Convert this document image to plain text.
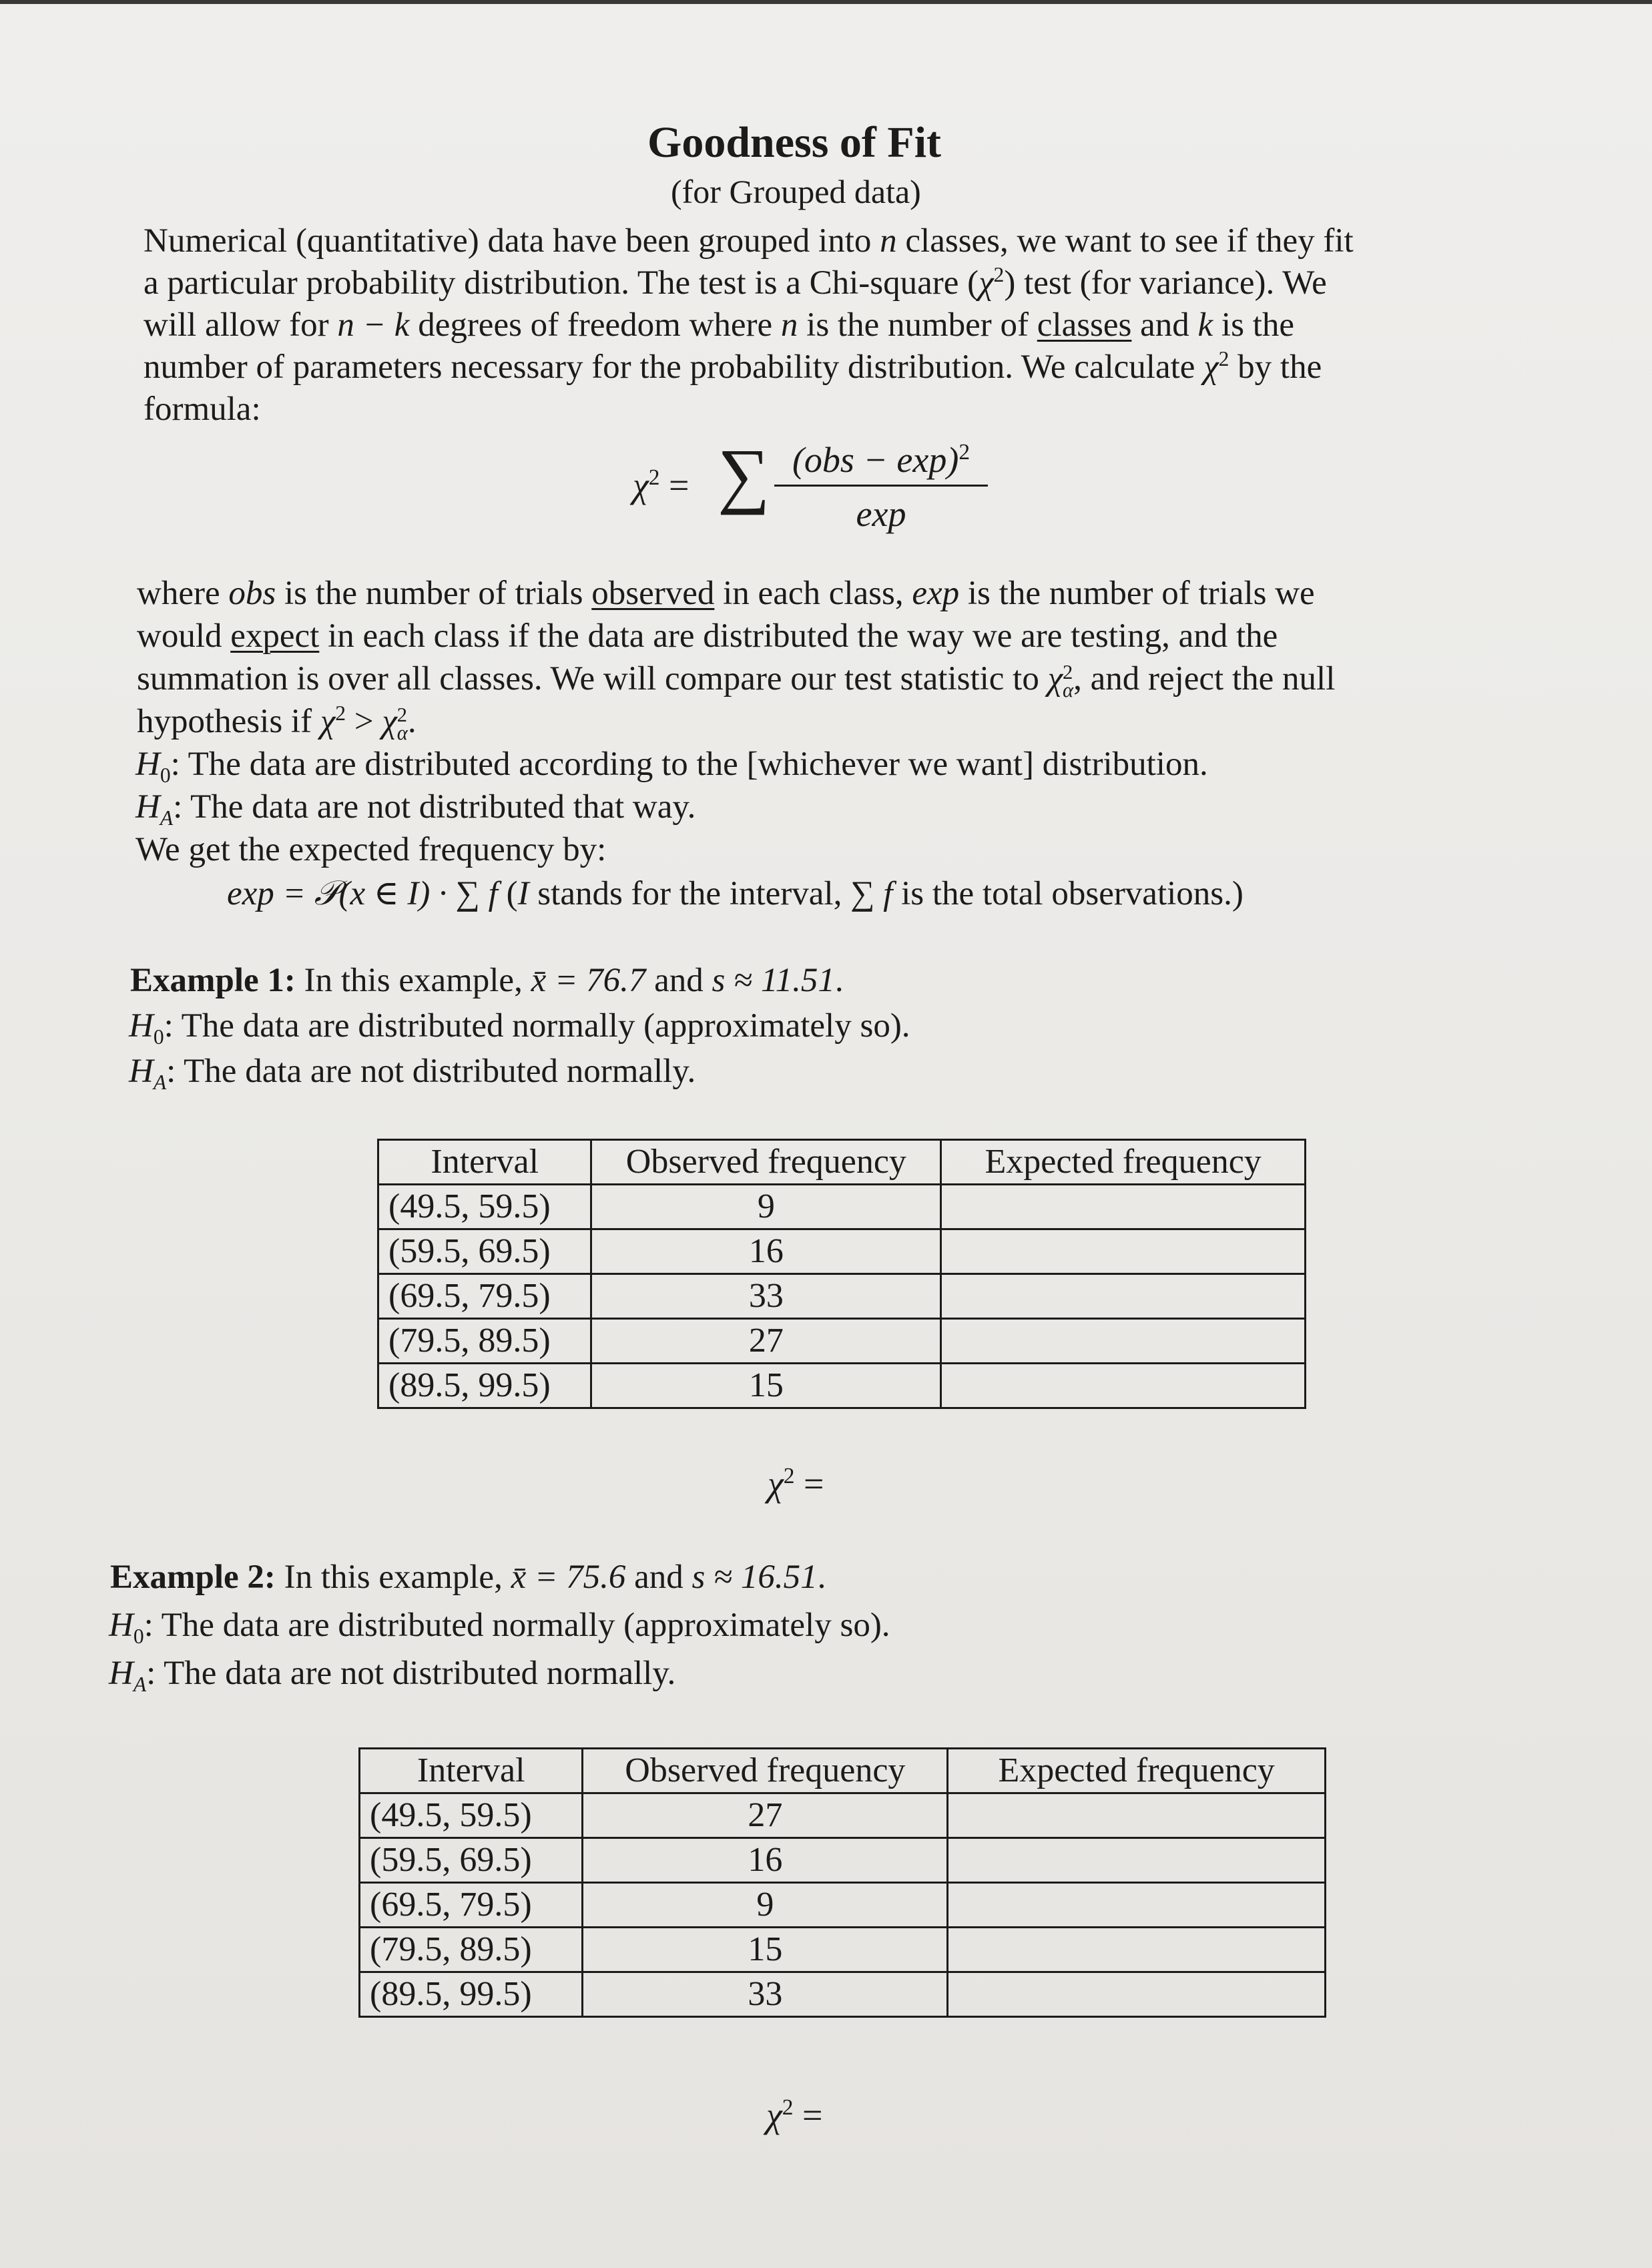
Goodness of Fit
(for Grouped data)
Numerical (quantitative) data have been grouped into n classes, we want to see if they fit
a particular probability distribution. The test is a Chi-square $(\chi^2)$ test (for variance). We
will allow for n − k degrees of freedom where n is the number of classes and k is the
number of parameters necessary for the probability distribution. We calculate $\chi^2$ by the
formula:
$\chi^2$ = ∑ (obs − exp)$^2$
exp
where obs is the number of trials observed in each class, exp is the number of trials we
would expect in each class if the data are distributed the way we are testing, and the
summation is over all classes. We will compare our test statistic to χ 2
α , and reject the null
hypothesis if $\chi^2 > \chi$ 2
α .
$H_0$: The data are distributed according to the [whichever we want] distribution.
$H_A$: The data are not distributed that way.
We get the expected frequency by:
exp = 𝒫(x ∈ I) · ∑ f (I stands for the interval, ∑ f is the total observations.)
Example 1: In this example, x̄ = 76.7 and s ≈ 11.51.
$H_0$: The data are distributed normally (approximately so).
$H_A$: The data are not distributed normally.
Interval	Observed frequency	Expected frequency
(49.5, 59.5)	9	
(59.5, 69.5)	16	
(69.5, 79.5)	33	
(79.5, 89.5)	27	
(89.5, 99.5)	15	
$\chi^2$ =
Example 2: In this example, x̄ = 75.6 and s ≈ 16.51.
$H_0$: The data are distributed normally (approximately so).
$H_A$: The data are not distributed normally.
Interval	Observed frequency	Expected frequency
(49.5, 59.5)	27	
(59.5, 69.5)	16	
(69.5, 79.5)	9	
(79.5, 89.5)	15	
(89.5, 99.5)	33	
$\chi^2$ =
